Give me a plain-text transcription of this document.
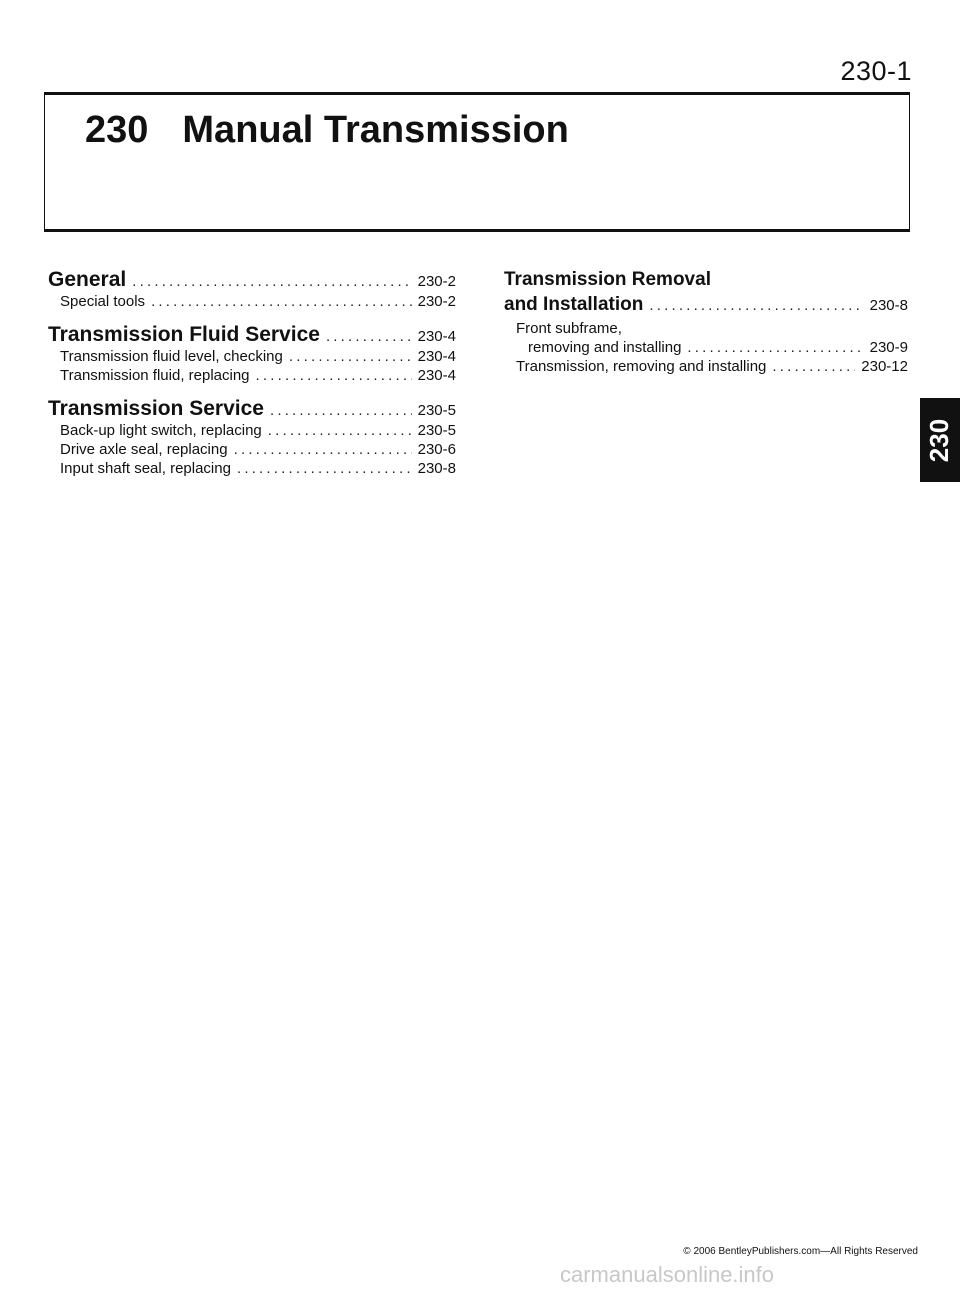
230-1
230 Manual Transmission
General .....	230-2
Special tools .....	230-2
Transmission Fluid Service .....	230-4
Transmission fluid level, checking .....	230-4
Transmission fluid, replacing .....	230-4
Transmission Service .....	230-5
Back-up light switch, replacing .....	230-5
Drive axle seal, replacing .....	230-6
Input shaft seal, replacing .....	230-8
Transmission Removal
and Installation .....	230-8
Front subframe,
removing and installing .....	230-9
Transmission, removing and installing .....	230-12
230
© 2006 BentleyPublishers.com—All Rights Reserved
carmanualsonline.info
